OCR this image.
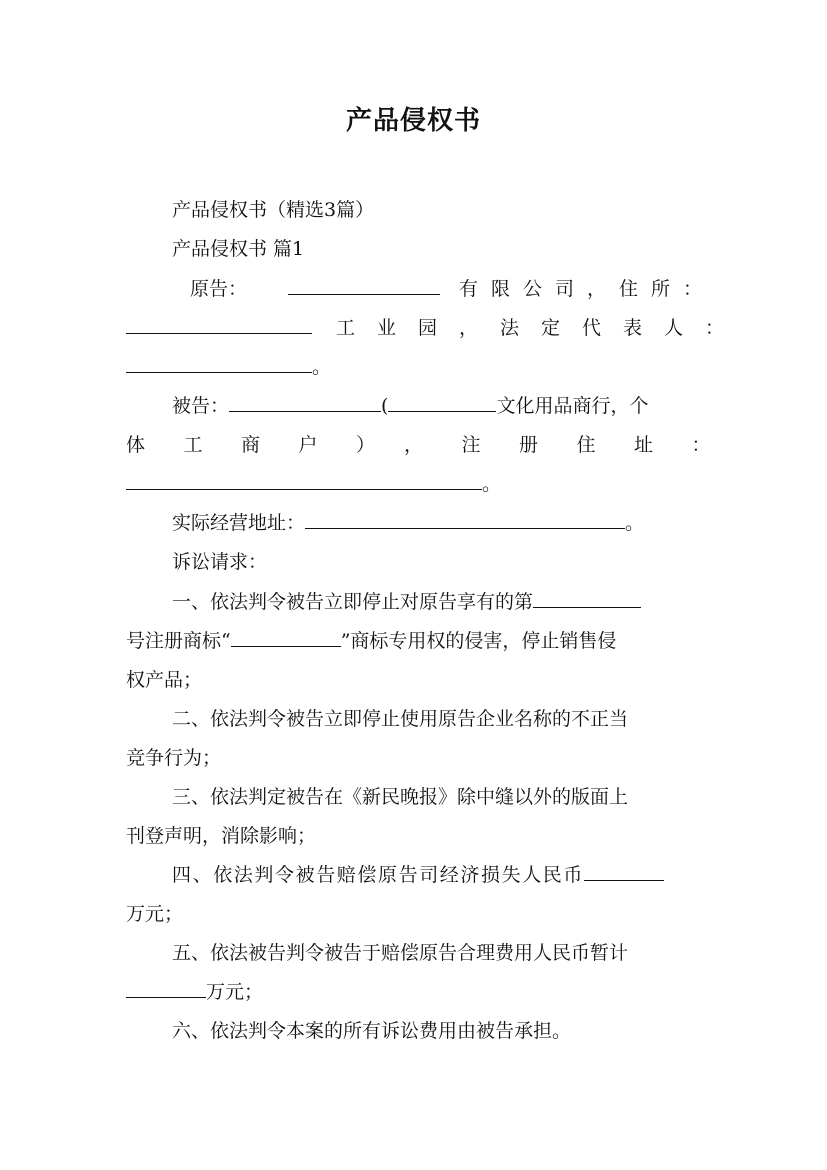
产品侵权书
产品侵权书（精选3篇）
产品侵权书 篇1
原告：	有限公司，住所：
工业园，法定代表人：
。
被告：	(	文化用品商行，个
体工商户），注册住址：
。
实际经营地址：	。
诉讼请求：
一、依法判令被告立即停止对原告享有的第
号注册商标“	”商标专用权的侵害，停止销售侵
权产品；
二、依法判令被告立即停止使用原告企业名称的不正当
竞争行为；
三、依法判定被告在《新民晚报》除中缝以外的版面上
刊登声明，消除影响；
四、依法判令被告赔偿原告司经济损失人民币
万元；
五、依法被告判令被告于赔偿原告合理费用人民币暂计
万元；
六、依法判令本案的所有诉讼费用由被告承担。
